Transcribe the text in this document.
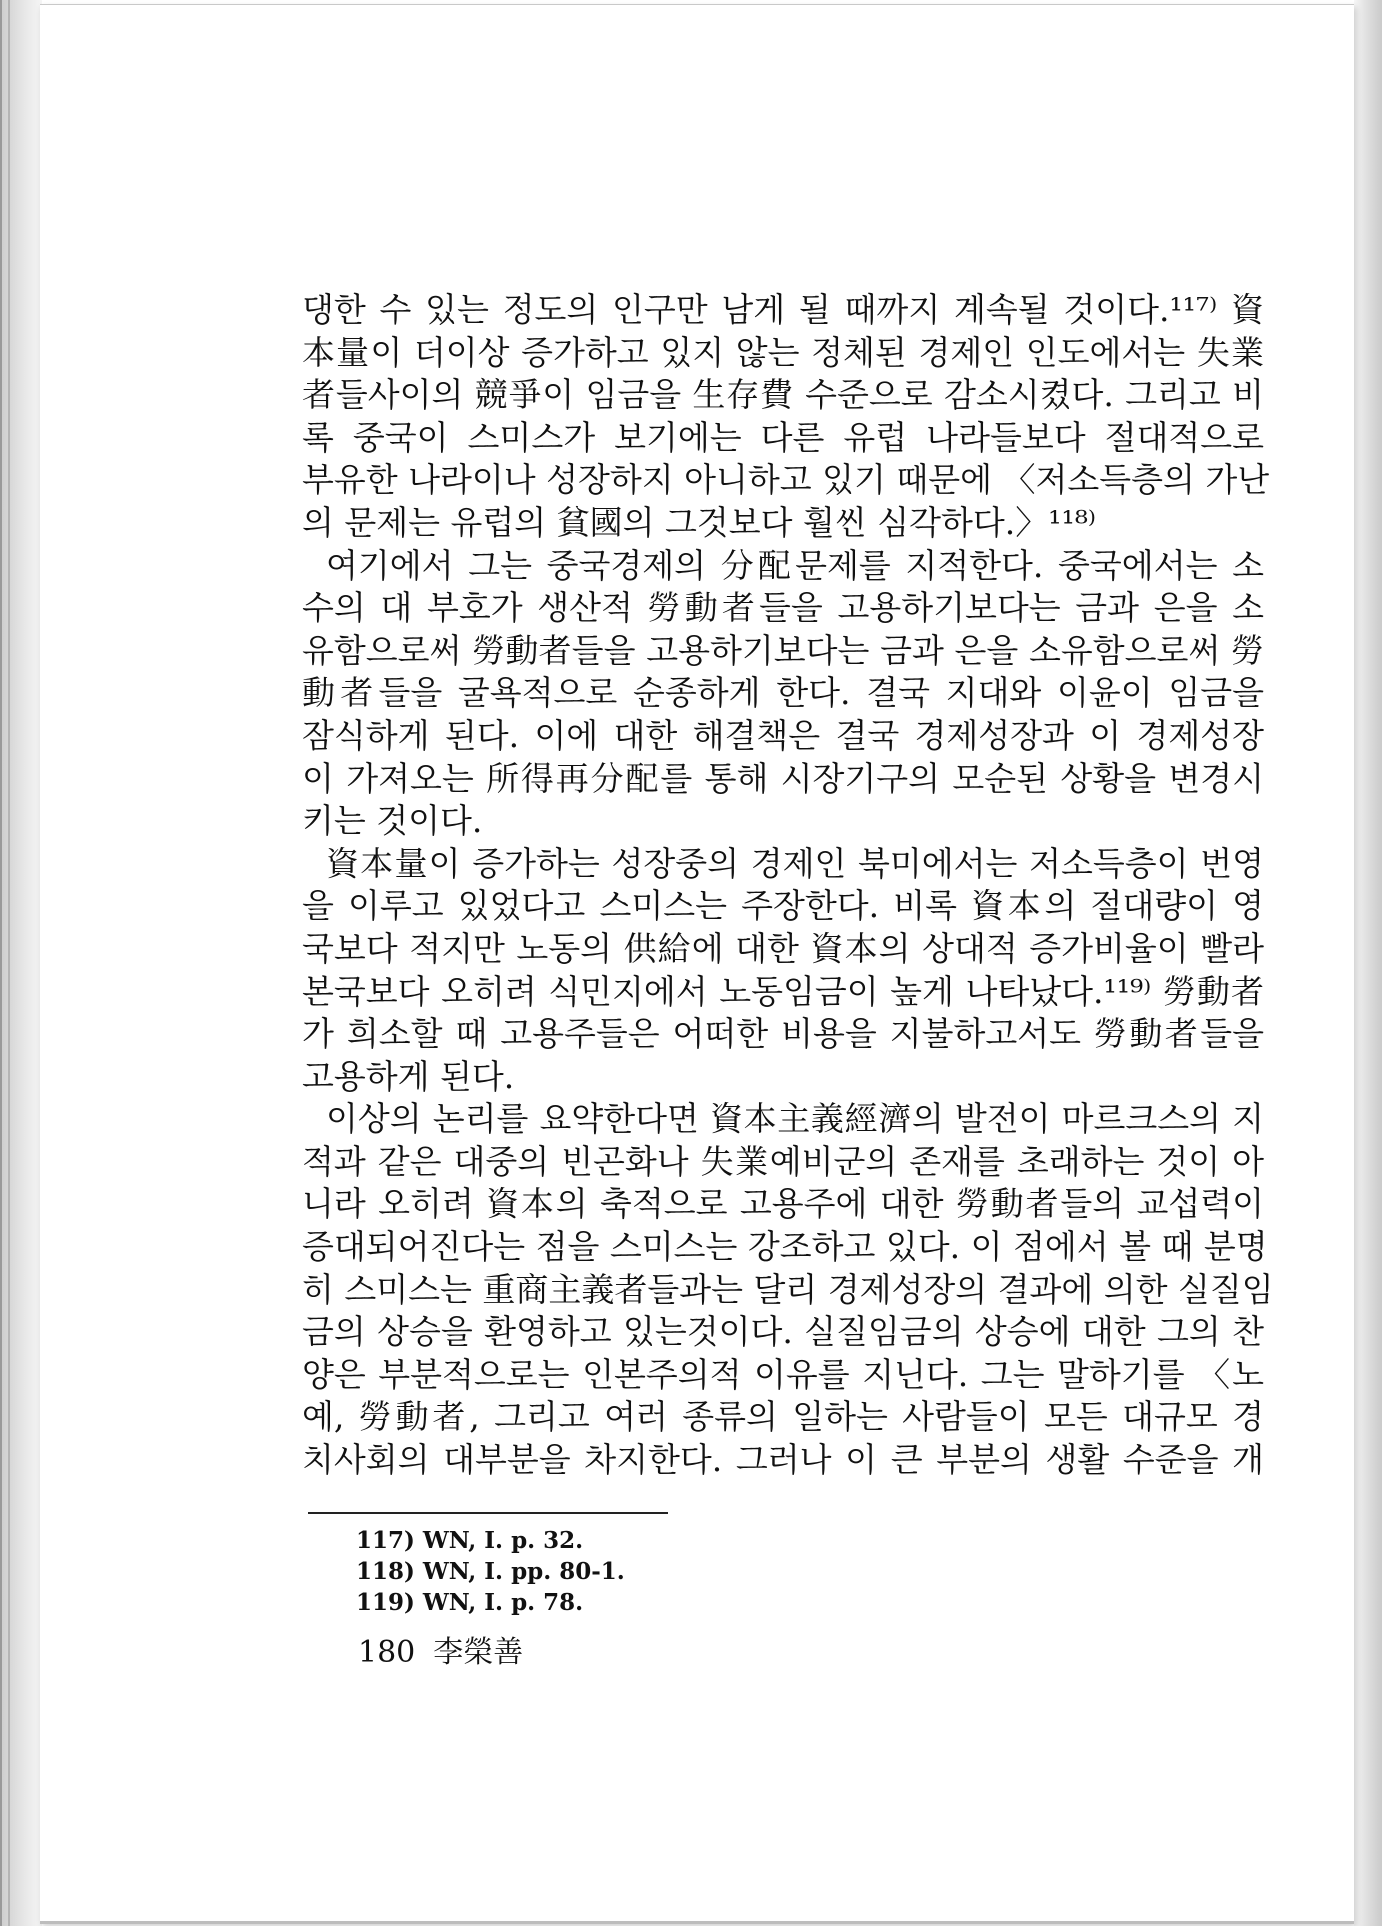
댕한 수 있는 정도의 인구만 남게 될 때까지 계속될 것이다.¹¹⁷⁾ 資
本量이 더이상 증가하고 있지 않는 정체된 경제인 인도에서는 失業
者들사이의 競爭이 임금을 生存費 수준으로 감소시켰다. 그리고 비
록 중국이 스미스가 보기에는 다른 유럽 나라들보다 절대적으로
부유한 나라이나 성장하지 아니하고 있기 때문에 〈저소득층의 가난
의 문제는 유럽의 貧國의 그것보다 훨씬 심각하다.〉¹¹⁸⁾
여기에서 그는 중국경제의 分配문제를 지적한다. 중국에서는 소
수의 대 부호가 생산적 勞動者들을 고용하기보다는 금과 은을 소
유함으로써 勞動者들을 고용하기보다는 금과 은을 소유함으로써 勞
動者들을 굴욕적으로 순종하게 한다. 결국 지대와 이윤이 임금을
잠식하게 된다. 이에 대한 해결책은 결국 경제성장과 이 경제성장
이 가져오는 所得再分配를 통해 시장기구의 모순된 상황을 변경시
키는 것이다.
資本量이 증가하는 성장중의 경제인 북미에서는 저소득층이 번영
을 이루고 있었다고 스미스는 주장한다. 비록 資本의 절대량이 영
국보다 적지만 노동의 供給에 대한 資本의 상대적 증가비율이 빨라
본국보다 오히려 식민지에서 노동임금이 높게 나타났다.¹¹⁹⁾ 勞動者
가 희소할 때 고용주들은 어떠한 비용을 지불하고서도 勞動者들을
고용하게 된다.
이상의 논리를 요약한다면 資本主義經濟의 발전이 마르크스의 지
적과 같은 대중의 빈곤화나 失業예비군의 존재를 초래하는 것이 아
니라 오히려 資本의 축적으로 고용주에 대한 勞動者들의 교섭력이
증대되어진다는 점을 스미스는 강조하고 있다. 이 점에서 볼 때 분명
히 스미스는 重商主義者들과는 달리 경제성장의 결과에 의한 실질임
금의 상승을 환영하고 있는것이다. 실질임금의 상승에 대한 그의 찬
양은 부분적으로는 인본주의적 이유를 지닌다. 그는 말하기를 〈노
예, 勞動者, 그리고 여러 종류의 일하는 사람들이 모든 대규모 경
치사회의 대부분을 차지한다. 그러나 이 큰 부분의 생활 수준을 개
117) WN, I. p. 32.
118) WN, I. pp. 80-1.
119) WN, I. p. 78.
180 李榮善
